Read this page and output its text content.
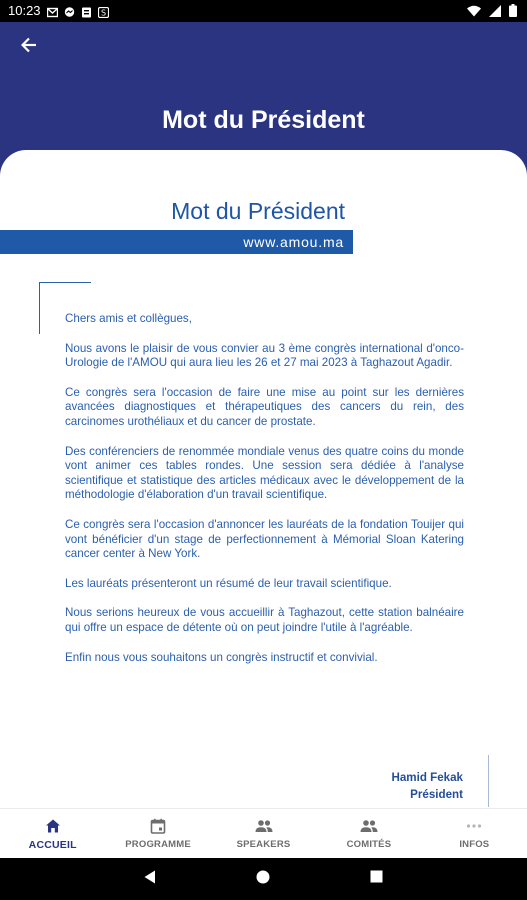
10:23	S
Mot du Président
Mot du Président
www.amou.ma

Chers amis et collègues,

Nous avons le plaisir de vous convier au 3 ème congrès international d'onco-Urologie de l'AMOU qui aura lieu les 26 et 27 mai 2023 à Taghazout Agadir.

Ce congrès sera l'occasion de faire une mise au point sur les dernières avancées diagnostiques et thérapeutiques des cancers du rein, des carcinomes urothéliaux et du cancer de prostate.

Des conférenciers de renommée mondiale venus des quatre coins du monde vont animer ces tables rondes. Une session sera dédiée à l'analyse scientifique et statistique des articles médicaux avec le développement de la méthodologie d'élaboration d'un travail scientifique.

Ce congrès sera l'occasion d'annoncer les lauréats de la fondation Touijer qui vont bénéficier d'un stage de perfectionnement à Mémorial Sloan Katering cancer center à New York.

Les lauréats présenteront un résumé de leur travail scientifique.

Nous serions heureux de vous accueillir à Taghazout, cette station balnéaire qui offre un espace de détente où on peut joindre l'utile à l'agréable.

Enfin nous vous souhaitons un congrès instructif et convivial.

Hamid Fekak
Président
ACCUEIL	PROGRAMME	SPEAKERS	COMITÉS	INFOS
